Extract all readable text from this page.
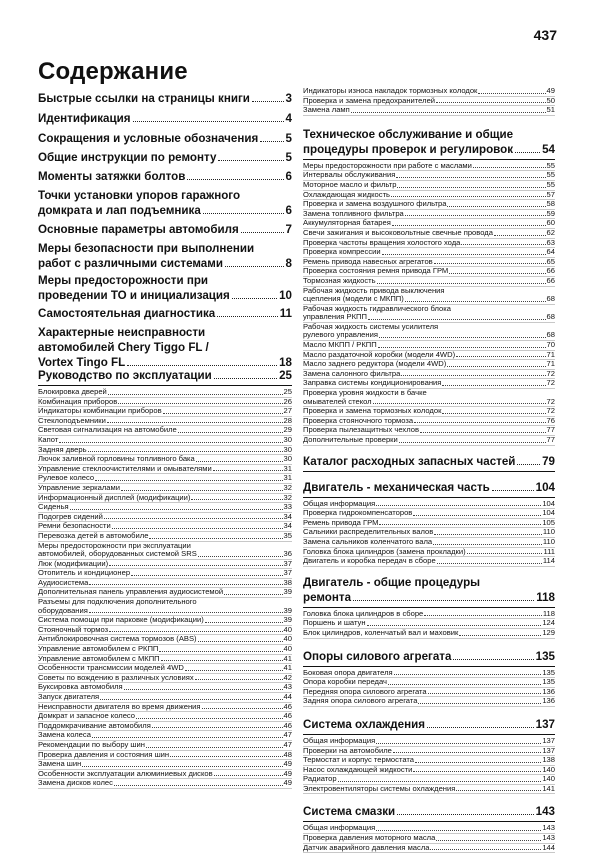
437
Содержание
Быстрые ссылки на страницы книги	3
Идентификация	4
Сокращения и условные обозначения 5
Общие инструкции по ремонту	5
Моменты затяжки болтов	6
Точки установки упоров гаражного
домкрата и лап подъемника	6
Основные параметры автомобиля	7
Меры безопасности при выполнении
работ с различными системами	8
Меры предосторожности при
проведении ТО и инициализация	10
Самостоятельная диагностика	11
Характерные неисправности
автомобилей Chery Tiggo FL /
Vortex Tingo FL	18
Руководство по эксплуатации	25
Блокировка дверей	25
Комбинация приборов	26
Индикаторы комбинации приборов	27
Стеклоподъемники	28
Световая сигнализация на автомобиле	29
Капот	30
Задняя дверь	30
Лючок заливной горловины топливного бака	30
Управление стеклоочистителями и омывателями	31
Рулевое колесо	31
Управление зеркалами	32
Информационный дисплей (модификации)	32
Сиденья	33
Подогрев сидений	34
Ремни безопасности	34
Перевозка детей в автомобиле	35
Меры предосторожности при эксплуатации
автомобилей, оборудованных системой SRS	36
Люк (модификации)	37
Отопитель и кондиционер	37
Аудиосистема	38
Дополнительная панель управления аудиосистемой	39
Разъемы для подключения дополнительного
оборудования	39
Система помощи при парковке (модификации)	39
Стояночный тормоз	40
Антиблокировочная система тормозов (ABS)	40
Управление автомобилем с РКПП	40
Управление автомобилем с МКПП	41
Особенности трансмиссии моделей 4WD	41
Советы по вождению в различных условиях	42
Буксировка автомобиля	43
Запуск двигателя	44
Неисправности двигателя во время движения	46
Домкрат и запасное колесо	46
Поддомкрачивание автомобиля	46
Замена колеса	47
Рекомендации по выбору шин	47
Проверка давления и состояния шин	48
Замена шин	49
Особенности эксплуатации алюминиевых дисков	49
Замена дисков колес	49
Индикаторы износа накладок тормозных колодок	49
Проверка и замена предохранителей	50
Замена ламп	51
Техническое обслуживание и общие
процедуры проверок и регулировок	54
Меры предосторожности при работе с маслами	55
Интервалы обслуживания	55
Моторное масло и фильтр	55
Охлаждающая жидкость	57
Проверка и замена воздушного фильтра	58
Замена топливного фильтра	59
Аккумуляторная батарея	60
Свечи зажигания и высоковольтные свечные провода	62
Проверка частоты вращения холостого хода	63
Проверка компрессии	64
Ремень привода навесных агрегатов	65
Проверка состояния ремня привода ГРМ	66
Тормозная жидкость	66
Рабочая жидкость привода выключения
сцепления (модели с МКПП)	68
Рабочая жидкость гидравлического блока
управления РКПП	68
Рабочая жидкость системы усилителя
рулевого управления	68
Масло МКПП / РКПП	70
Масло раздаточной коробки (модели 4WD)	71
Масло заднего редуктора (модели 4WD)	71
Замена салонного фильтра	72
Заправка системы кондиционирования	72
Проверка уровня жидкости в бачке
омывателей стекол	72
Проверка и замена тормозных колодок	72
Проверка стояночного тормоза	76
Проверка пылезащитных чехлов	77
Дополнительные проверки	77
Каталог расходных запасных частей 79
Двигатель - механическая часть	104
Общая информация	104
Проверка гидрокомпенсаторов	104
Ремень привода ГРМ	105
Сальники распределительных валов	110
Замена сальников коленчатого вала	110
Головка блока цилиндров (замена прокладки)	111
Двигатель и коробка передач в сборе	114
Двигатель - общие процедуры
ремонта	118
Головка блока цилиндров в сборе	118
Поршень и шатун	124
Блок цилиндров, коленчатый вал и маховик	129
Опоры силового агрегата	135
Боковая опора двигателя	135
Опора коробки передач	135
Передняя опора силового агрегата	136
Задняя опора силового агрегата	136
Система охлаждения	137
Общая информация	137
Проверки на автомобиле	137
Термостат и корпус термостата	138
Насос охлаждающей жидкости	140
Радиатор	140
Электровентиляторы системы охлаждения	141
Система смазки	143
Общая информация	143
Проверка давления моторного масла	143
Датчик аварийного давления масла	144
